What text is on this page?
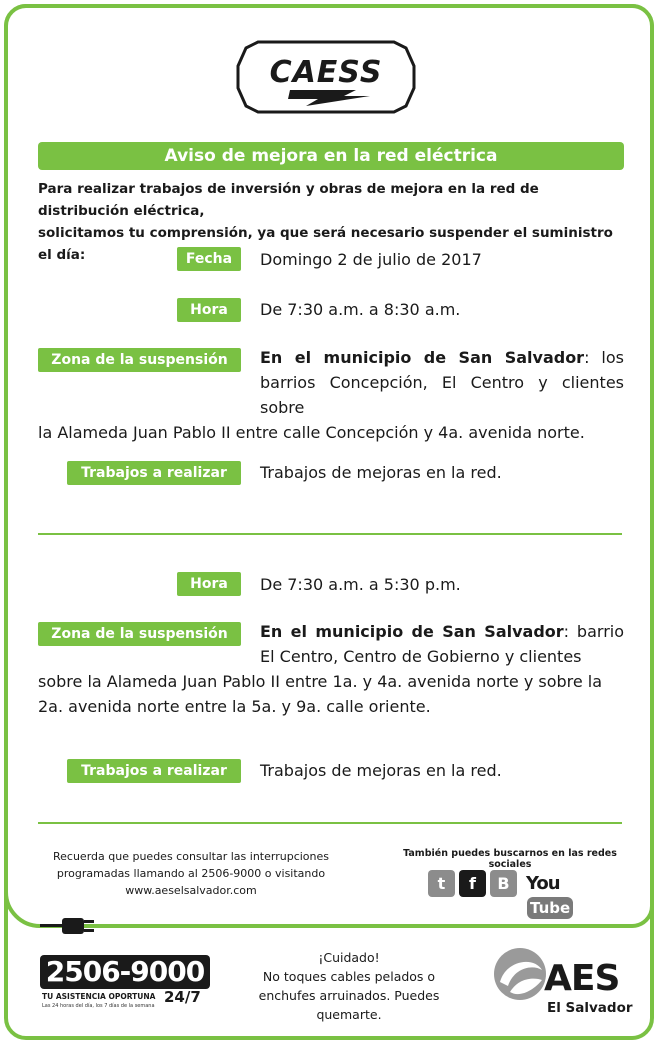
CAESS
Aviso de mejora en la red eléctrica
Para realizar trabajos de inversión y obras de mejora en la red de distribución eléctrica,
solicitamos tu comprensión, ya que será necesario suspender el suministro el día:	Fecha	Domingo 2 de julio de 2017
Hora	De 7:30 a.m. a 8:30 a.m.
Zona de la suspensión	En el municipio de San Salvador: los barrios Concepción, El Centro y clientes sobre
la Alameda Juan Pablo II entre calle Concepción y 4a. avenida norte.
Trabajos a realizar	Trabajos de mejoras en la red.
Hora	De 7:30 a.m. a 5:30 p.m.
Zona de la suspensión	En el municipio de San Salvador: barrio El Centro, Centro de Gobierno y clientes
sobre la Alameda Juan Pablo II entre 1a. y 4a. avenida norte y sobre la 2a. avenida norte entre la 5a. y 9a. calle oriente.
Trabajos a realizar	Trabajos de mejoras en la red.
Recuerda que puedes consultar las interrupciones
programadas llamando al 2506-9000 o visitando
www.aeselsalvador.com
También puedes buscarnos en las redes sociales
t	f	B YouTube
2506-9000
TU ASISTENCIA OPORTUNA
Las 24 horas del día, los 7 días de la semana 24/7
¡Cuidado!
No toques cables pelados o
enchufes arruinados. Puedes
quemarte.
AES
El Salvador
